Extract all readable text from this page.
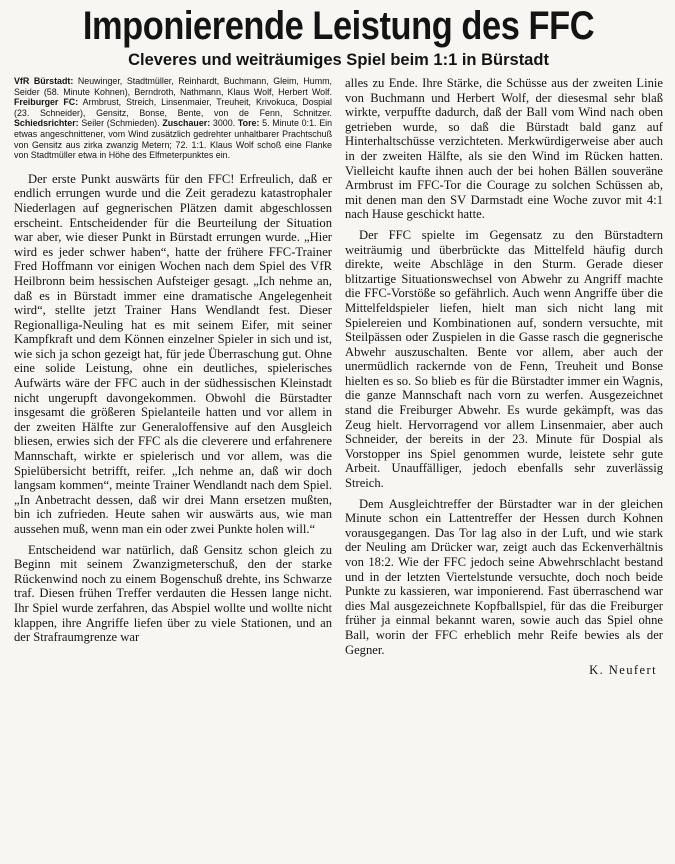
Imponierende Leistung des FFC
Cleveres und weiträumiges Spiel beim 1:1 in Bürstadt

VfR Bürstadt: Neuwinger, Stadtmüller, Reinhardt, Buchmann, Gleim, Humm, Seider (58. Minute Kohnen), Berndroth, Nathmann, Klaus Wolf, Herbert Wolf. Freiburger FC: Armbrust, Streich, Linsenmaier, Treuheit, Krivokuca, Dospial (23. Schneider), Gensitz, Bonse, Bente, von de Fenn, Schnitzer. Schiedsrichter: Seiler (Schmieden). Zuschauer: 3000. Tore: 5. Minute 0:1. Ein etwas angeschnittener, vom Wind zusätzlich gedrehter unhaltbarer Prachtschuß von Gensitz aus zirka zwanzig Metern; 72. 1:1. Klaus Wolf schoß eine Flanke von Stadtmüller etwa in Höhe des Elfmeterpunktes ein.

Der erste Punkt auswärts für den FFC! Erfreulich, daß er endlich errungen wurde und die Zeit geradezu katastrophaler Niederlagen auf gegnerischen Plätzen damit abgeschlossen erscheint. Entscheidender für die Beurteilung der Situation war aber, wie dieser Punkt in Bürstadt errungen wurde. „Hier wird es jeder schwer haben“, hatte der frühere FFC-Trainer Fred Hoffmann vor einigen Wochen nach dem Spiel des VfR Heilbronn beim hessischen Aufsteiger gesagt. „Ich nehme an, daß es in Bürstadt immer eine dramatische Angelegenheit wird“, stellte jetzt Trainer Hans Wendlandt fest. Dieser Regionalliga-Neuling hat es mit seinem Eifer, mit seiner Kampfkraft und dem Können einzelner Spieler in sich und ist, wie sich ja schon gezeigt hat, für jede Überraschung gut. Ohne eine solide Leistung, ohne ein deutliches, spielerisches Aufwärts wäre der FFC auch in der südhessischen Kleinstadt nicht ungerupft davongekommen. Obwohl die Bürstadter insgesamt die größeren Spielanteile hatten und vor allem in der zweiten Hälfte zur Generaloffensive auf den Ausgleich bliesen, erwies sich der FFC als die cleverere und erfahrenere Mannschaft, wirkte er spielerisch und vor allem, was die Spielübersicht betrifft, reifer. „Ich nehme an, daß wir doch langsam kommen“, meinte Trainer Wendlandt nach dem Spiel. „In Anbetracht dessen, daß wir drei Mann ersetzen mußten, bin ich zufrieden. Heute sahen wir auswärts aus, wie man aussehen muß, wenn man ein oder zwei Punkte holen will.“

Entscheidend war natürlich, daß Gensitz schon gleich zu Beginn mit seinem Zwanzigmeterschuß, den der starke Rückenwind noch zu einem Bogenschuß drehte, ins Schwarze traf. Diesen frühen Treffer verdauten die Hessen lange nicht. Ihr Spiel wurde zerfahren, das Abspiel wollte und wollte nicht klappen, ihre Angriffe liefen über zu viele Stationen, und an der Strafraumgrenze war

alles zu Ende. Ihre Stärke, die Schüsse aus der zweiten Linie von Buchmann und Herbert Wolf, der diesesmal sehr blaß wirkte, verpuffte dadurch, daß der Ball vom Wind nach oben getrieben wurde, so daß die Bürstadt bald ganz auf Hinterhaltschüsse verzichteten. Merkwürdigerweise aber auch in der zweiten Hälfte, als sie den Wind im Rücken hatten. Vielleicht kaufte ihnen auch der bei hohen Bällen souveräne Armbrust im FFC-Tor die Courage zu solchen Schüssen ab, mit denen man den SV Darmstadt eine Woche zuvor mit 4:1 nach Hause geschickt hatte.

Der FFC spielte im Gegensatz zu den Bürstadtern weiträumig und überbrückte das Mittelfeld häufig durch direkte, weite Abschläge in den Sturm. Gerade dieser blitzartige Situationswechsel von Abwehr zu Angriff machte die FFC-Vorstöße so gefährlich. Auch wenn Angriffe über die Mittelfeldspieler liefen, hielt man sich nicht lang mit Spielereien und Kombinationen auf, sondern versuchte, mit Steilpässen oder Zuspielen in die Gasse rasch die gegnerische Abwehr auszuschalten. Bente vor allem, aber auch der unermüdlich rackernde von de Fenn, Treuheit und Bonse hielten es so. So blieb es für die Bürstadter immer ein Wagnis, die ganze Mannschaft nach vorn zu werfen. Ausgezeichnet stand die Freiburger Abwehr. Es wurde gekämpft, was das Zeug hielt. Hervorragend vor allem Linsenmaier, aber auch Schneider, der bereits in der 23. Minute für Dospial als Vorstopper ins Spiel genommen wurde, leistete sehr gute Arbeit. Unauffälliger, jedoch ebenfalls sehr zuverlässig Streich.

Dem Ausgleichtreffer der Bürstadter war in der gleichen Minute schon ein Lattentreffer der Hessen durch Kohnen vorausgegangen. Das Tor lag also in der Luft, und wie stark der Neuling am Drücker war, zeigt auch das Eckenverhältnis von 18:2. Wie der FFC jedoch seine Abwehrschlacht bestand und in der letzten Viertelstunde versuchte, doch noch beide Punkte zu kassieren, war imponierend. Fast überraschend war dies Mal ausgezeichnete Kopfballspiel, für das die Freiburger früher ja einmal bekannt waren, sowie auch das Spiel ohne Ball, worin der FFC erheblich mehr Reife bewies als der Gegner.

K. Neufert
